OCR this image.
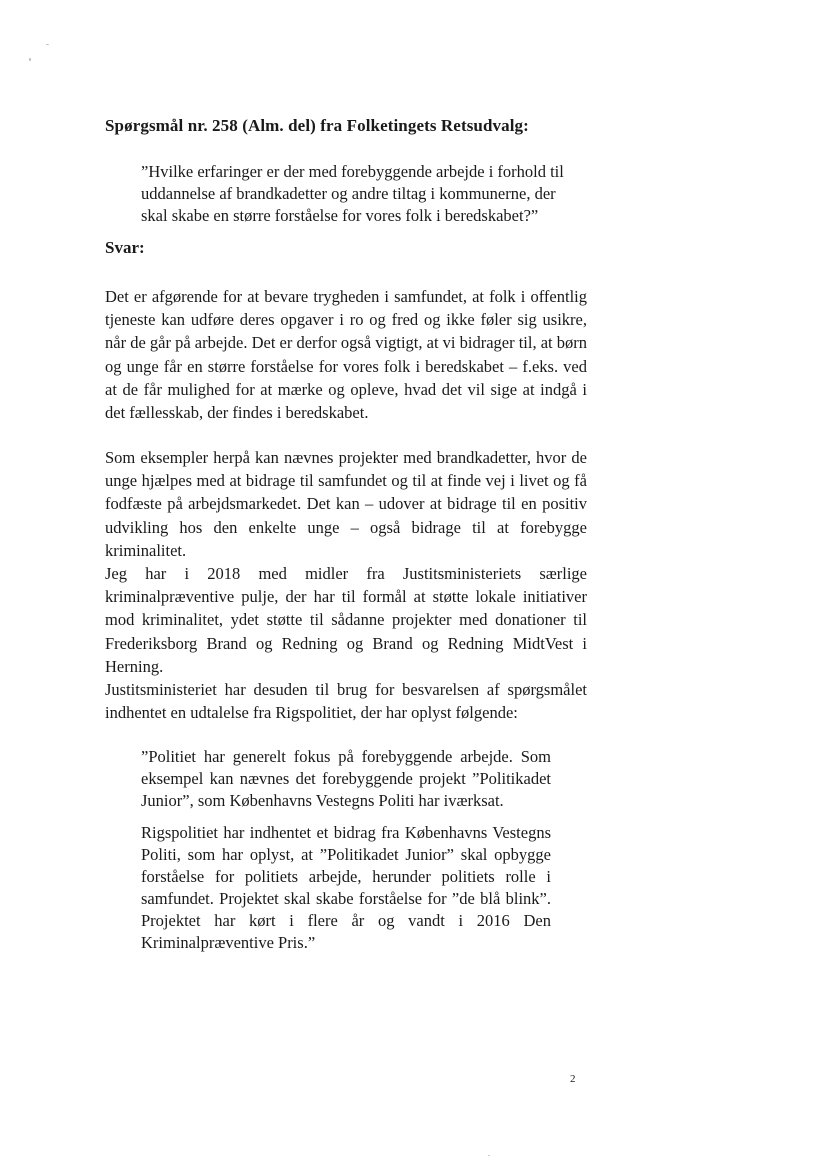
Spørgsmål nr. 258 (Alm. del) fra Folketingets Retsudvalg:

”Hvilke erfaringer er der med forebyggende arbejde i forhold til uddannelse af brandkadetter og andre tiltag i kommunerne, der skal skabe en større forståelse for vores folk i beredskabet?”

Svar:

Det er afgørende for at bevare trygheden i samfundet, at folk i offentlig tjeneste kan udføre deres opgaver i ro og fred og ikke føler sig usikre, når de går på arbejde. Det er derfor også vigtigt, at vi bidrager til, at børn og unge får en større forståelse for vores folk i beredskabet – f.eks. ved at de får mulighed for at mærke og opleve, hvad det vil sige at indgå i det fællesskab, der findes i beredskabet.

Som eksempler herpå kan nævnes projekter med brandkadetter, hvor de unge hjælpes med at bidrage til samfundet og til at finde vej i livet og få fodfæste på arbejdsmarkedet. Det kan – udover at bidrage til en positiv udvikling hos den enkelte unge – også bidrage til at forebygge kriminalitet.

Jeg har i 2018 med midler fra Justitsministeriets særlige kriminalpræventive pulje, der har til formål at støtte lokale initiativer mod kriminalitet, ydet støtte til sådanne projekter med donationer til Frederiksborg Brand og Redning og Brand og Redning MidtVest i Herning.

Justitsministeriet har desuden til brug for besvarelsen af spørgsmålet indhentet en udtalelse fra Rigspolitiet, der har oplyst følgende:

”Politiet har generelt fokus på forebyggende arbejde. Som eksempel kan nævnes det forebyggende projekt ”Politikadet Junior”, som Københavns Vestegns Politi har iværksat.

Rigspolitiet har indhentet et bidrag fra Københavns Vestegns Politi, som har oplyst, at ”Politikadet Junior” skal opbygge forståelse for politiets arbejde, herunder politiets rolle i samfundet. Projektet skal skabe forståelse for ”de blå blink”. Projektet har kørt i flere år og vandt i 2016 Den Kriminalpræventive Pris.”

2
